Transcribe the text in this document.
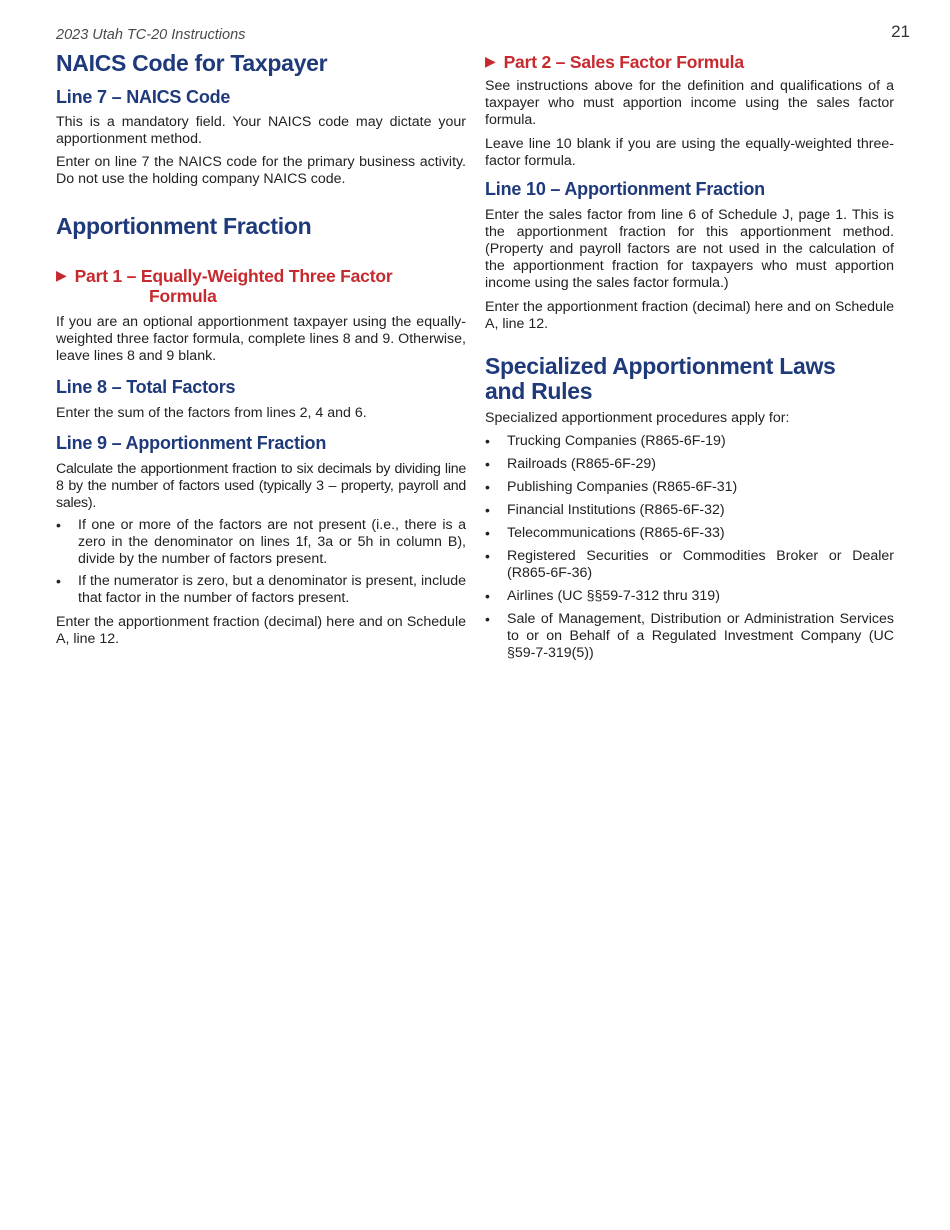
2023 Utah TC-20 Instructions	21
NAICS Code for Taxpayer
Line 7 – NAICS Code

This is a mandatory field. Your NAICS code may dictate your apportionment method.

Enter on line 7 the NAICS code for the primary business activity. Do not use the holding company NAICS code.

Apportionment Fraction
▶ Part 1 – Equally-Weighted Three Factor
Formula

If you are an optional apportionment taxpayer using the equally-weighted three factor formula, complete lines 8 and 9. Otherwise, leave lines 8 and 9 blank.

Line 8 – Total Factors

Enter the sum of the factors from lines 2, 4 and 6.

Line 9 – Apportionment Fraction

Calculate the apportionment fraction to six decimals by dividing line 8 by the number of factors used (typically 3 – property, payroll and sales).

• If one or more of the factors are not present (i.e., there is a zero in the denominator on lines 1f, 3a or 5h in column B), divide by the number of factors present.
• If the numerator is zero, but a denominator is present, include that factor in the number of factors present.

Enter the apportionment fraction (decimal) here and on Schedule A, line 12.

▶ Part 2 – Sales Factor Formula

See instructions above for the definition and qualifications of a taxpayer who must apportion income using the sales factor formula.

Leave line 10 blank if you are using the equally-weighted three-factor formula.

Line 10 – Apportionment Fraction

Enter the sales factor from line 6 of Schedule J, page 1. This is the apportionment fraction for this apportionment method. (Property and payroll factors are not used in the calculation of the apportionment fraction for taxpayers who must apportion income using the sales factor formula.)

Enter the apportionment fraction (decimal) here and on Schedule A, line 12.

Specialized Apportionment Laws
and Rules

Specialized apportionment procedures apply for:

• Trucking Companies (R865-6F-19)
• Railroads (R865-6F-29)
• Publishing Companies (R865-6F-31)
• Financial Institutions (R865-6F-32)
• Telecommunications (R865-6F-33)
• Registered Securities or Commodities Broker or Dealer (R865-6F-36)
• Airlines (UC §§59-7-312 thru 319)
• Sale of Management, Distribution or Administration Services to or on Behalf of a Regulated Investment Company (UC §59-7-319(5))
